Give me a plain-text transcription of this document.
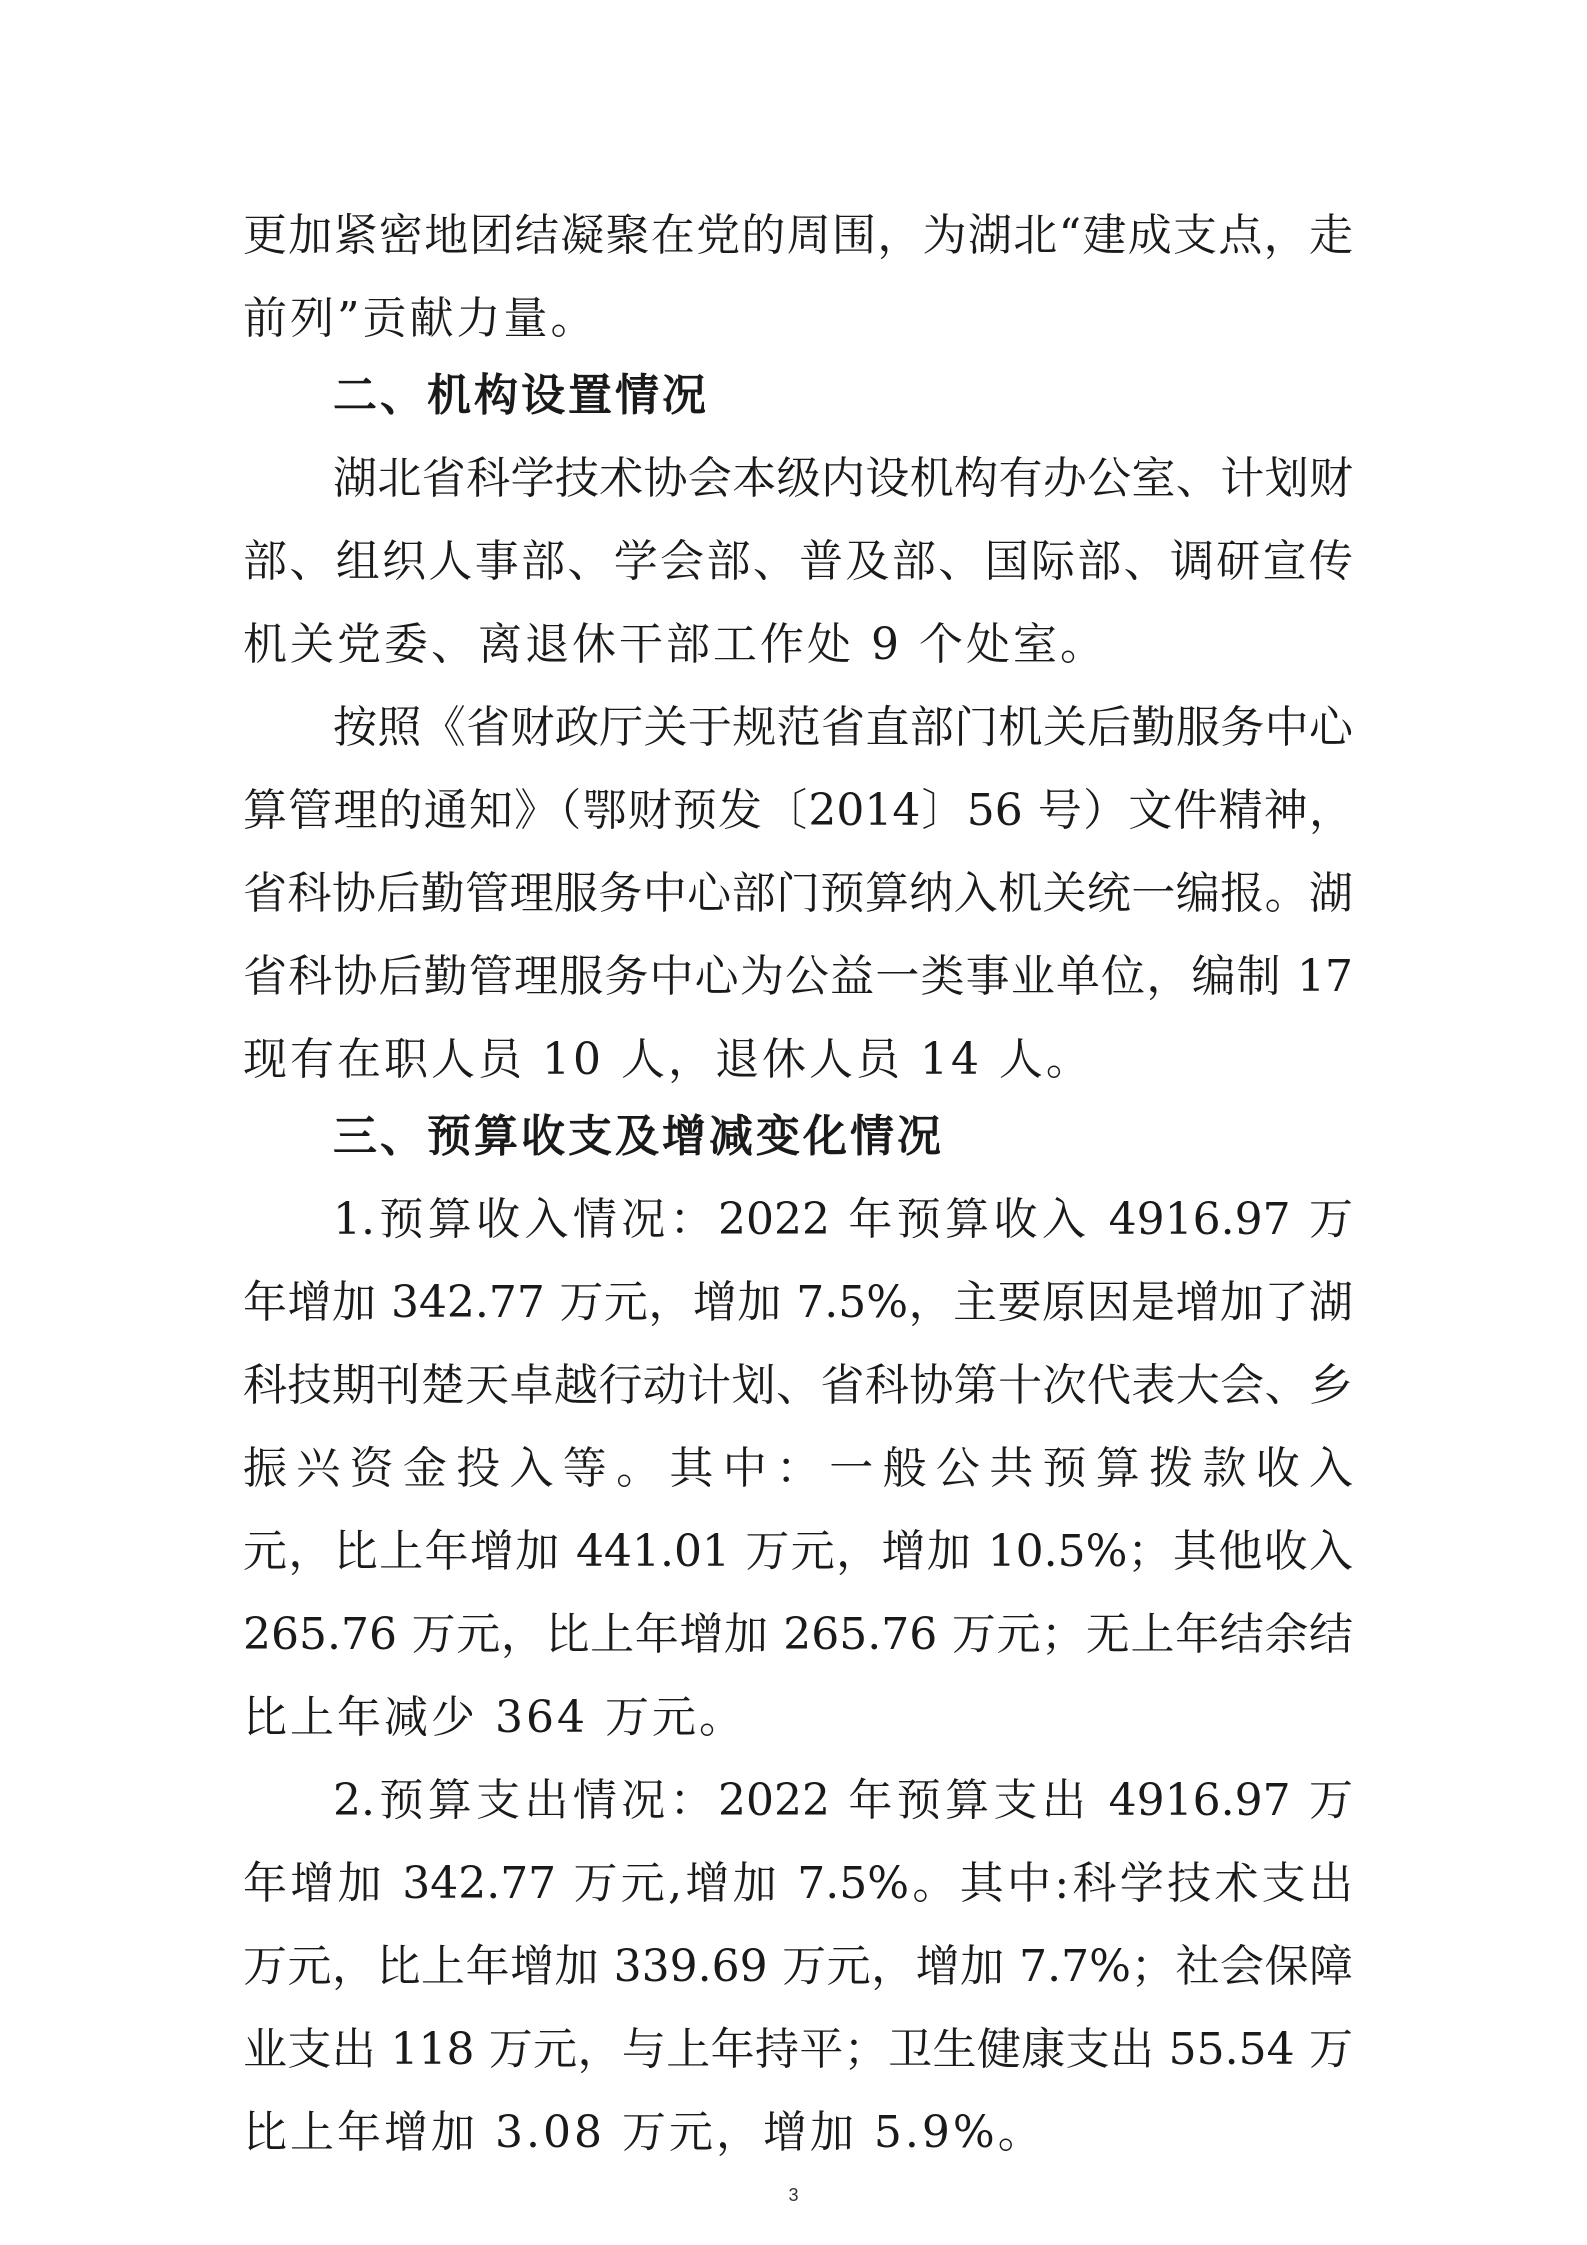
更加紧密地团结凝聚在党的周围，为湖北“建成支点，走
前列”贡献力量。
二、机构设置情况
湖北省科学技术协会本级内设机构有办公室、计划财
部、组织人事部、学会部、普及部、国际部、调研宣传
机关党委、离退休干部工作处 9 个处室。
按照《省财政厅关于规范省直部门机关后勤服务中心
算管理的通知》（鄂财预发〔2014〕56 号）文件精神，
省科协后勤管理服务中心部门预算纳入机关统一编报。湖
省科协后勤管理服务中心为公益一类事业单位，编制 17
现有在职人员 10 人，退休人员 14 人。
三、预算收支及增减变化情况
1.预算收入情况：2022 年预算收入 4916.97 万
年增加 342.77 万元，增加 7.5%，主要原因是增加了湖
科技期刊楚天卓越行动计划、省科协第十次代表大会、乡
振兴资金投入等。其中：一般公共预算拨款收入
元，比上年增加 441.01 万元，增加 10.5%；其他收入
265.76 万元，比上年增加 265.76 万元；无上年结余结
比上年减少 364 万元。
2.预算支出情况：2022 年预算支出 4916.97 万
年增加 342.77 万元,增加 7.5%。其中:科学技术支出
万元，比上年增加 339.69 万元，增加 7.7%；社会保障
业支出 118 万元，与上年持平；卫生健康支出 55.54 万
比上年增加 3.08 万元，增加 5.9%。
3
